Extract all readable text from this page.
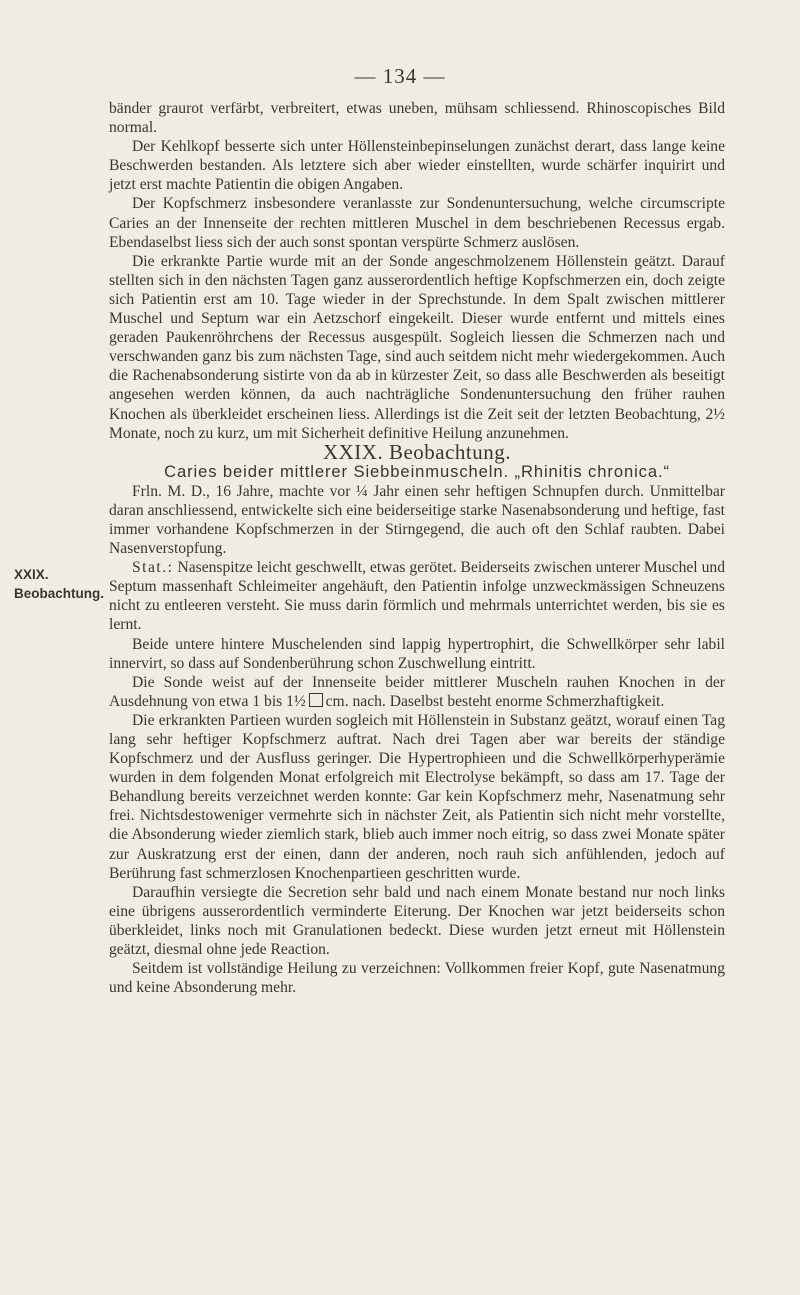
— 134 —
XXIX.
Beobachtung.

bänder graurot verfärbt, verbreitert, etwas uneben, mühsam schliessend. Rhinoscopisches Bild normal.

Der Kehlkopf besserte sich unter Höllensteinbepinselungen zunächst derart, dass lange keine Beschwerden bestanden. Als letztere sich aber wieder einstellten, wurde schärfer inquirirt und jetzt erst machte Patientin die obigen Angaben.

Der Kopfschmerz insbesondere veranlasste zur Sondenuntersuchung, welche circumscripte Caries an der Innenseite der rechten mittleren Muschel in dem beschriebenen Recessus ergab. Ebendaselbst liess sich der auch sonst spontan verspürte Schmerz auslösen.

Die erkrankte Partie wurde mit an der Sonde angeschmolzenem Höllenstein geätzt. Darauf stellten sich in den nächsten Tagen ganz ausserordentlich heftige Kopfschmerzen ein, doch zeigte sich Patientin erst am 10. Tage wieder in der Sprechstunde. In dem Spalt zwischen mittlerer Muschel und Septum war ein Aetzschorf eingekeilt. Dieser wurde entfernt und mittels eines geraden Paukenröhrchens der Recessus ausgespült. Sogleich liessen die Schmerzen nach und verschwanden ganz bis zum nächsten Tage, sind auch seitdem nicht mehr wiedergekommen. Auch die Rachenabsonderung sistirte von da ab in kürzester Zeit, so dass alle Beschwerden als beseitigt angesehen werden können, da auch nachträgliche Sondenuntersuchung den früher rauhen Knochen als überkleidet erscheinen liess. Allerdings ist die Zeit seit der letzten Beobachtung, 2½ Monate, noch zu kurz, um mit Sicherheit definitive Heilung anzunehmen.

XXIX. Beobachtung.

Caries beider mittlerer Siebbeinmuscheln. „Rhinitis chronica.“

Frln. M. D., 16 Jahre, machte vor ¼ Jahr einen sehr heftigen Schnupfen durch. Unmittelbar daran anschliessend, entwickelte sich eine beiderseitige starke Nasenabsonderung und heftige, fast immer vorhandene Kopfschmerzen in der Stirngegend, die auch oft den Schlaf raubten. Dabei Nasenverstopfung.

Stat.: Nasenspitze leicht geschwellt, etwas gerötet. Beiderseits zwischen unterer Muschel und Septum massenhaft Schleimeiter angehäuft, den Patientin infolge unzweckmässigen Schneuzens nicht zu entleeren versteht. Sie muss darin förmlich und mehrmals unterrichtet werden, bis sie es lernt.

Beide untere hintere Muschelenden sind lappig hypertrophirt, die Schwellkörper sehr labil innervirt, so dass auf Sondenberührung schon Zuschwellung eintritt.

Die Sonde weist auf der Innenseite beider mittlerer Muscheln rauhen Knochen in der Ausdehnung von etwa 1 bis 1½ cm. nach. Daselbst besteht enorme Schmerzhaftigkeit.

Die erkrankten Partieen wurden sogleich mit Höllenstein in Substanz geätzt, worauf einen Tag lang sehr heftiger Kopfschmerz auftrat. Nach drei Tagen aber war bereits der ständige Kopfschmerz und der Ausfluss geringer. Die Hypertrophieen und die Schwellkörperhyperämie wurden in dem folgenden Monat erfolgreich mit Electrolyse bekämpft, so dass am 17. Tage der Behandlung bereits verzeichnet werden konnte: Gar kein Kopfschmerz mehr, Nasenatmung sehr frei. Nichtsdestoweniger vermehrte sich in nächster Zeit, als Patientin sich nicht mehr vorstellte, die Absonderung wieder ziemlich stark, blieb auch immer noch eitrig, so dass zwei Monate später zur Auskratzung erst der einen, dann der anderen, noch rauh sich anfühlenden, jedoch auf Berührung fast schmerzlosen Knochenpartieen geschritten wurde.

Daraufhin versiegte die Secretion sehr bald und nach einem Monate bestand nur noch links eine übrigens ausserordentlich verminderte Eiterung. Der Knochen war jetzt beiderseits schon überkleidet, links noch mit Granulationen bedeckt. Diese wurden jetzt erneut mit Höllenstein geätzt, diesmal ohne jede Reaction.

Seitdem ist vollständige Heilung zu verzeichnen: Vollkommen freier Kopf, gute Nasenatmung und keine Absonderung mehr.
